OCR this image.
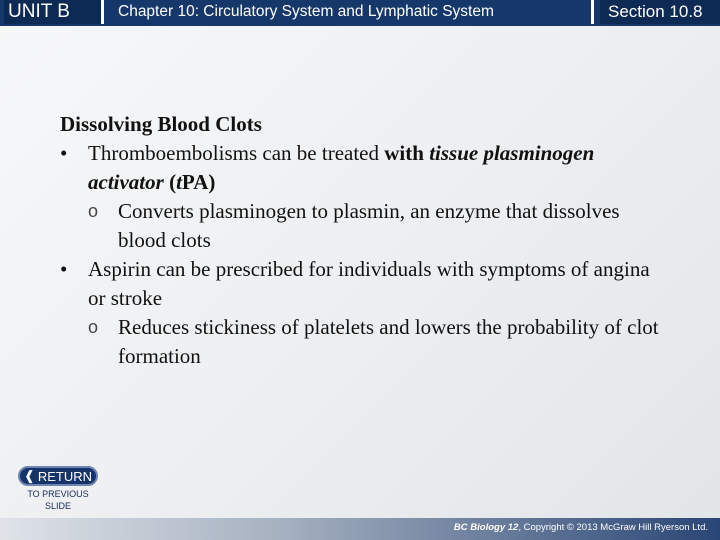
UNIT B	Chapter 10: Circulatory System and Lymphatic System	Section 10.8

Dissolving Blood Clots

• Thromboembolisms can be treated with tissue plasminogen activator (tPA)

o Converts plasminogen to plasmin, an enzyme that dissolves blood clots

• Aspirin can be prescribed for individuals with symptoms of angina or stroke

o Reduces stickiness of platelets and lowers the probability of clot formation

❰ RETURN
TO PREVIOUS SLIDE
BC Biology 12, Copyright © 2013 McGraw Hill Ryerson Ltd.
